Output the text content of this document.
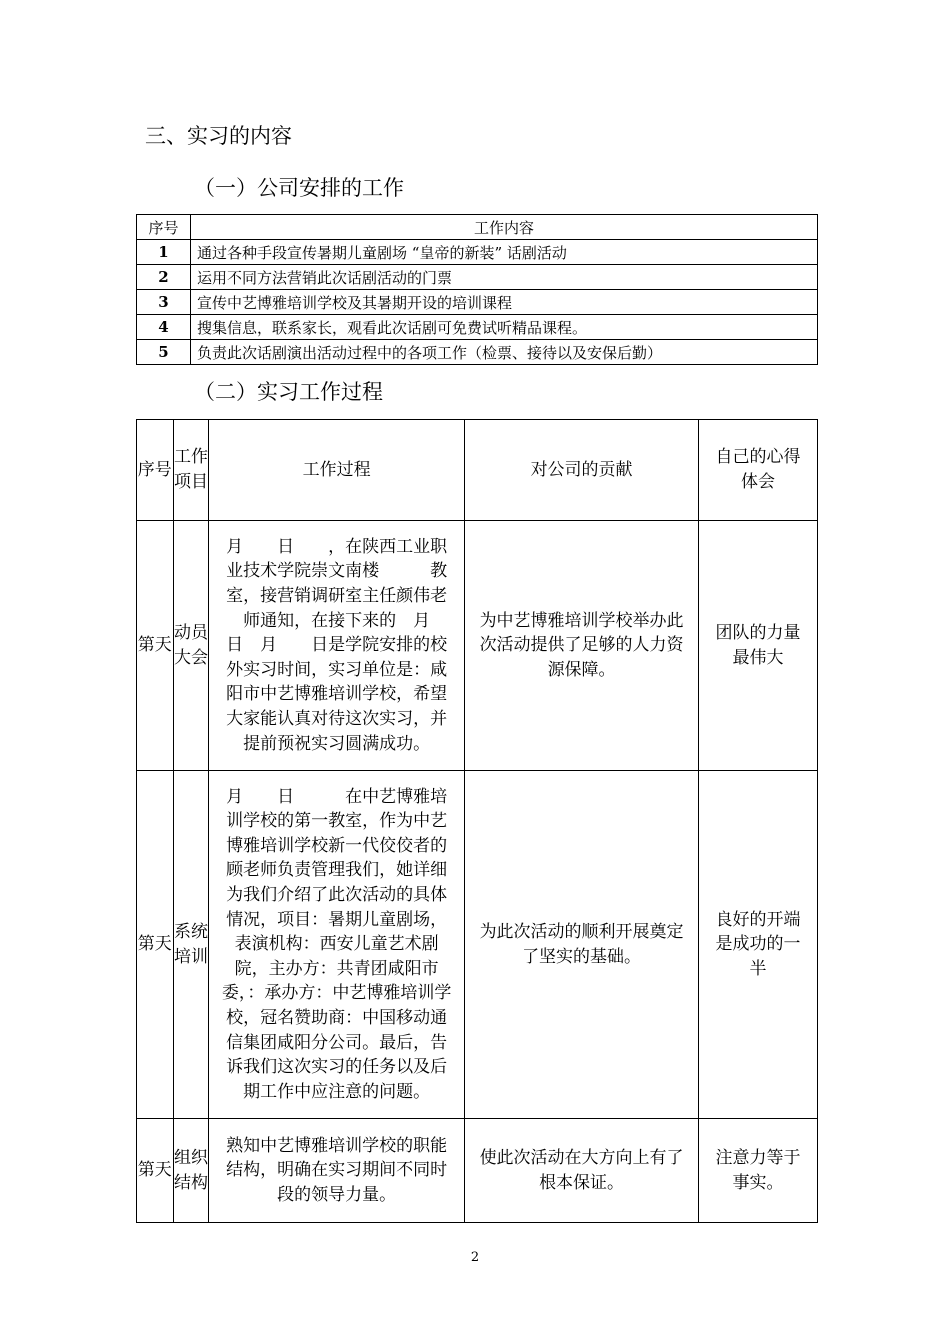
三、实习的内容
（一）公司安排的工作
序号	工作内容
1	通过各种手段宣传暑期儿童剧场 “皇帝的新装” 话剧活动
2	运用不同方法营销此次话剧活动的门票
3	宣传中艺博雅培训学校及其暑期开设的培训课程
4	搜集信息，联系家长，观看此次话剧可免费试听精品课程。
5	负责此次话剧演出活动过程中的各项工作（检票、接待以及安保后勤）
（二）实习工作过程
序号	工作项目	工作过程	对公司的贡献	自己的心得体会
第天	动员大会	月　　日　　，在陕西工业职业技术学院崇文南楼　　　教室，接营销调研室主任颜伟老师通知，在接下来的　月　　日　月　　日是学院安排的校外实习时间，实习单位是：咸阳市中艺博雅培训学校，希望大家能认真对待这次实习，并提前预祝实习圆满成功。	为中艺博雅培训学校举办此次活动提供了足够的人力资源保障。	团队的力量最伟大
第天	系统培训	月　　日　　　在中艺博雅培训学校的第一教室，作为中艺博雅培训学校新一代佼佼者的顾老师负责管理我们，她详细为我们介绍了此次活动的具体情况，项目：暑期儿童剧场，表演机构：西安儿童艺术剧院，主办方：共青团咸阳市委，：承办方：中艺博雅培训学校，冠名赞助商：中国移动通信集团咸阳分公司。最后，告诉我们这次实习的任务以及后期工作中应注意的问题。	为此次活动的顺利开展奠定了坚实的基础。	良好的开端是成功的一半
第天	组织结构	熟知中艺博雅培训学校的职能结构，明确在实习期间不同时段的领导力量。	使此次活动在大方向上有了根本保证。	注意力等于事实。
2
